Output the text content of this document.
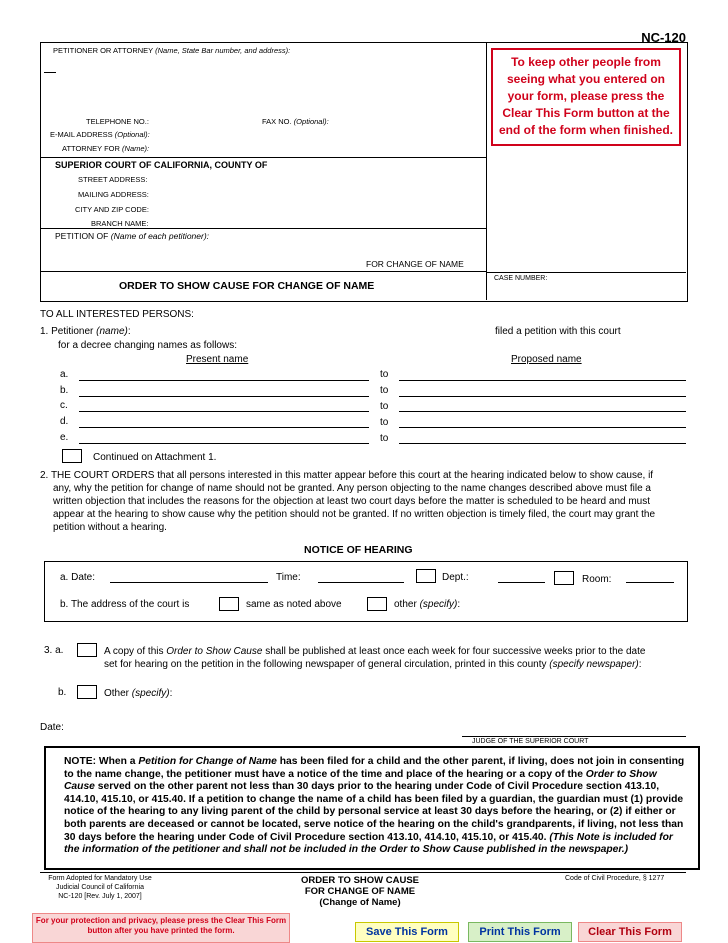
NC-120
To keep other people from seeing what you entered on your form, please press the Clear This Form button at the end of the form when finished.
PETITIONER OR ATTORNEY (Name, State Bar number, and address):
TELEPHONE NO.:	FAX NO. (Optional):
E-MAIL ADDRESS (Optional):
ATTORNEY FOR (Name):
SUPERIOR COURT OF CALIFORNIA, COUNTY OF
STREET ADDRESS:
MAILING ADDRESS:
CITY AND ZIP CODE:
BRANCH NAME:
PETITION OF (Name of each petitioner):
FOR CHANGE OF NAME
CASE NUMBER:
ORDER TO SHOW CAUSE FOR CHANGE OF NAME
TO ALL INTERESTED PERSONS:
1. Petitioner (name):	filed a petition with this court
for a decree changing names as follows:
Present name	Proposed name
a.	to
b.	to
c.	to
d.	to
e.	to
Continued on Attachment 1.
2. THE COURT ORDERS that all persons interested in this matter appear before this court at the hearing indicated below to show cause, if any, why the petition for change of name should not be granted. Any person objecting to the name changes described above must file a written objection that includes the reasons for the objection at least two court days before the matter is scheduled to be heard and must appear at the hearing to show cause why the petition should not be granted. If no written objection is timely filed, the court may grant the petition without a hearing.
NOTICE OF HEARING
a. Date:	Time:	Dept.:	Room:
b. The address of the court is	same as noted above	other (specify):
3. a.	A copy of this Order to Show Cause shall be published at least once each week for four successive weeks prior to the date
set for hearing on the petition in the following newspaper of general circulation, printed in this county (specify newspaper):
b.	Other (specify):
Date:
JUDGE OF THE SUPERIOR COURT
NOTE: When a Petition for Change of Name has been filed for a child and the other parent, if living, does not join in consenting to the name change, the petitioner must have a notice of the time and place of the hearing or a copy of the Order to Show Cause served on the other parent not less than 30 days prior to the hearing under Code of Civil Procedure section 413.10, 414.10, 415.10, or 415.40. If a petition to change the name of a child has been filed by a guardian, the guardian must (1) provide notice of the hearing to any living parent of the child by personal service at least 30 days before the hearing, or (2) if either or both parents are deceased or cannot be located, serve notice of the hearing on the child's grandparents, if living, not less than 30 days before the hearing under Code of Civil Procedure section 413.10, 414.10, 415.10, or 415.40. (This Note is included for the information of the petitioner and shall not be included in the Order to Show Cause published in the newspaper.)
Form Adopted for Mandatory Use
Judicial Council of California
NC-120 [Rev. July 1, 2007]
ORDER TO SHOW CAUSE
FOR CHANGE OF NAME
(Change of Name)
Code of Civil Procedure, § 1277
For your protection and privacy, please press the Clear This Form button after you have printed the form.	Save This Form	Print This Form	Clear This Form
